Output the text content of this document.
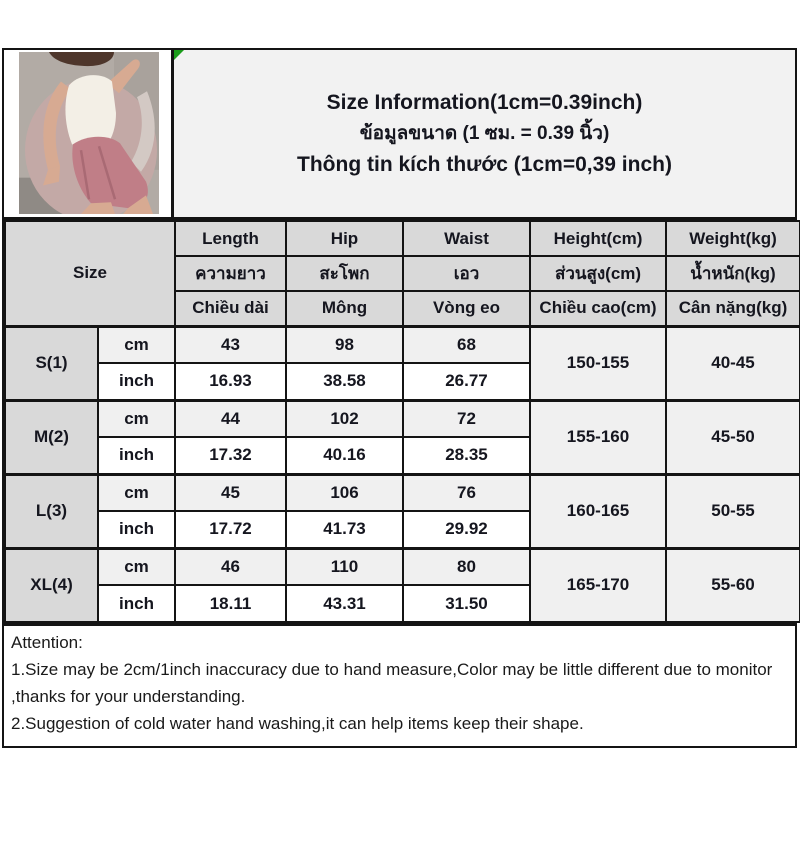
Size Information(1cm=0.39inch)
ข้อมูลขนาด (1 ซม. = 0.39 นิ้ว)
Thông tin kích thước (1cm=0,39 inch)
Size		Length	Hip	Waist	Height(cm)	Weight(kg)
		ความยาว	สะโพก	เอว	ส่วนสูง(cm)	น้ำหนัก(kg)
		Chiều dài	Mông	Vòng eo	Chiều cao(cm)	Cân nặng(kg)
S(1)	cm	43	98	68	150-155	40-45
	inch	16.93	38.58	26.77		
M(2)	cm	44	102	72	155-160	45-50
	inch	17.32	40.16	28.35		
L(3)	cm	45	106	76	160-165	50-55
	inch	17.72	41.73	29.92		
XL(4)	cm	46	110	80	165-170	55-60
	inch	18.11	43.31	31.50		
Attention:
1.Size may be 2cm/1inch inaccuracy due to hand measure,Color may be little different due to monitor ,thanks for your understanding.
2.Suggestion of cold water hand washing,it can help items keep their shape.
